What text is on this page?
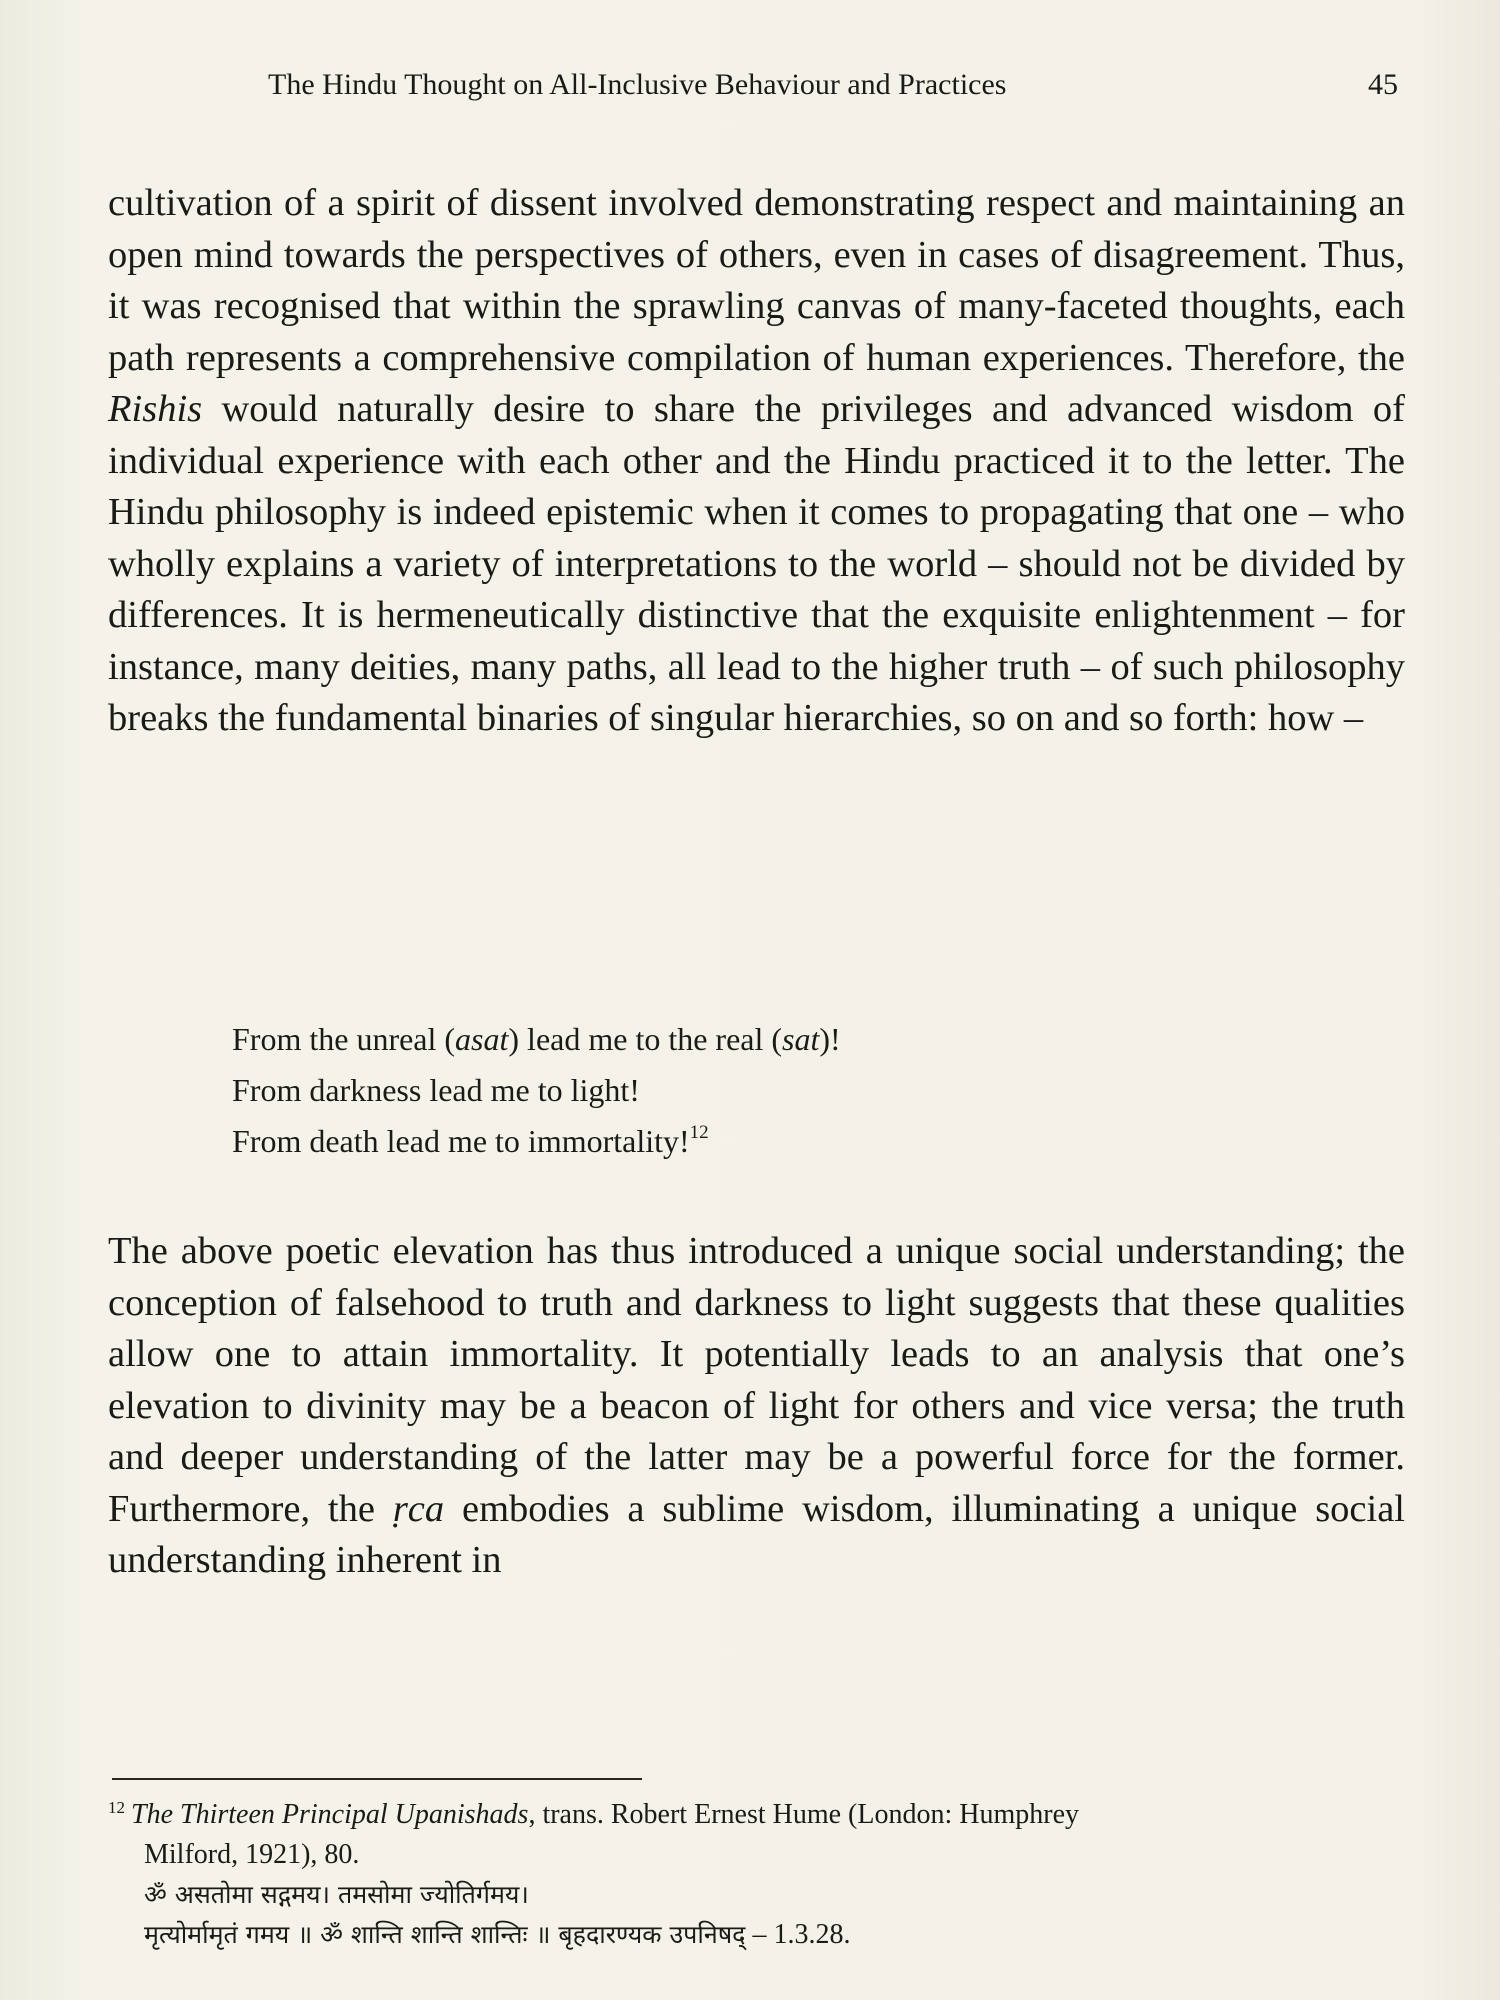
The Hindu Thought on All-Inclusive Behaviour and Practices	45

cultivation of a spirit of dissent involved demonstrating respect and maintaining an open mind towards the perspectives of others, even in cases of disagreement. Thus, it was recognised that within the sprawling canvas of many-faceted thoughts, each path represents a comprehensive compilation of human experiences. Therefore, the Rishis would naturally desire to share the privileges and advanced wisdom of individual experience with each other and the Hindu practiced it to the letter. The Hindu philosophy is indeed epistemic when it comes to propagating that one – who wholly explains a variety of interpretations to the world – should not be divided by differences. It is hermeneutically distinctive that the exquisite enlightenment – for instance, many deities, many paths, all lead to the higher truth – of such philosophy breaks the fundamental binaries of singular hierarchies, so on and so forth: how –

From the unreal (asat) lead me to the real (sat)!
From darkness lead me to light!
From death lead me to immortality!$^{12}$

The above poetic elevation has thus introduced a unique social understanding; the conception of falsehood to truth and darkness to light suggests that these qualities allow one to attain immortality. It potentially leads to an analysis that one’s elevation to divinity may be a beacon of light for others and vice versa; the truth and deeper understanding of the latter may be a powerful force for the former. Furthermore, the ṛca embodies a sublime wisdom, illuminating a unique social understanding inherent in

$^{12}$ The Thirteen Principal Upanishads, trans. Robert Ernest Hume (London: Humphrey
Milford, 1921), 80.
ॐ असतोमा सद्गमय। तमसोमा ज्योतिर्गमय।
मृत्योर्मामृतं गमय ॥ ॐ शान्ति शान्ति शान्तिः ॥ बृहदारण्यक उपनिषद् – 1.3.28.
